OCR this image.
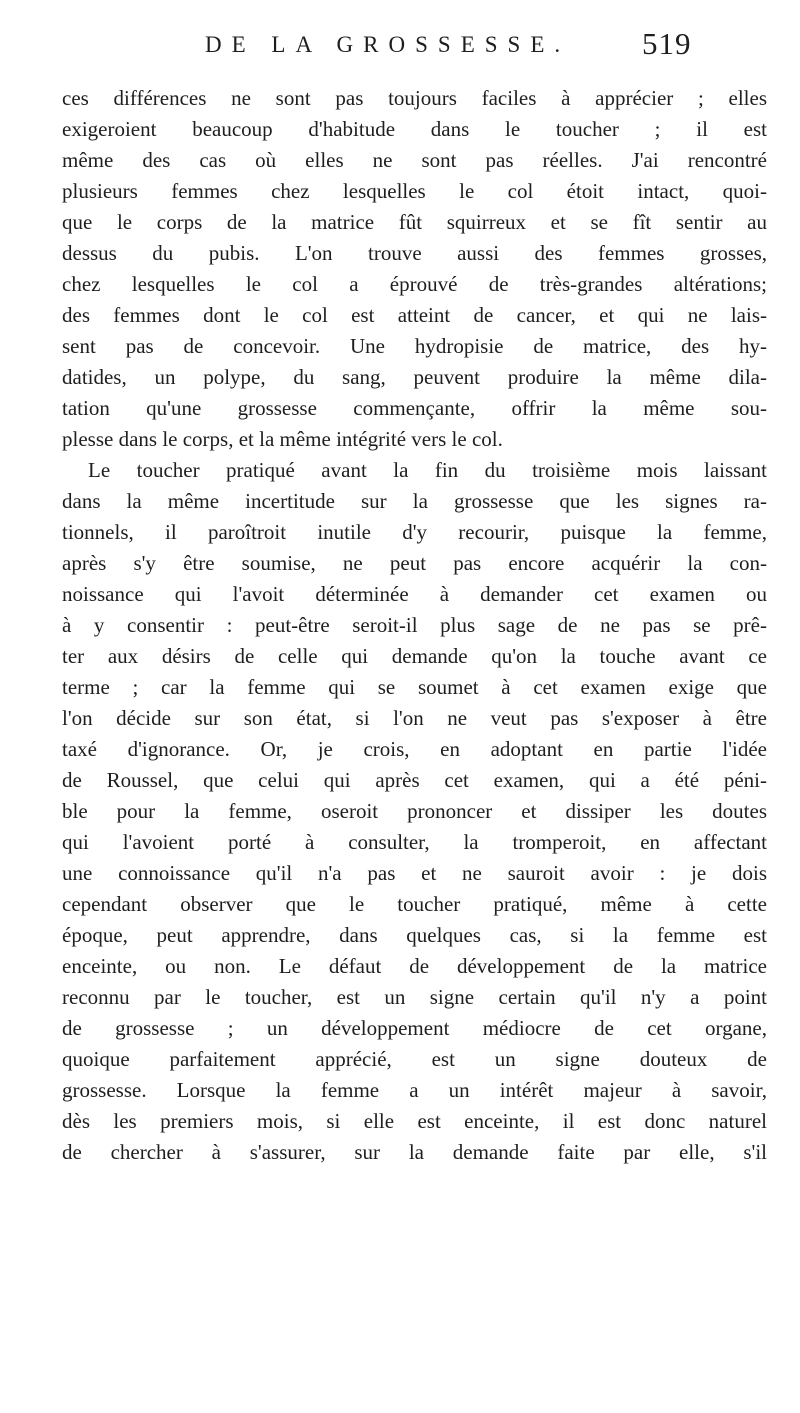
DE LA GROSSESSE. 519
ces différences ne sont pas toujours faciles à apprécier ; elles
exigeroient beaucoup d'habitude dans le toucher ; il est
même des cas où elles ne sont pas réelles. J'ai rencontré
plusieurs femmes chez lesquelles le col étoit intact, quoi-
que le corps de la matrice fût squirreux et se fît sentir au
dessus du pubis. L'on trouve aussi des femmes grosses,
chez lesquelles le col a éprouvé de très-grandes altérations;
des femmes dont le col est atteint de cancer, et qui ne lais-
sent pas de concevoir. Une hydropisie de matrice, des hy-
datides, un polype, du sang, peuvent produire la même dila-
tation qu'une grossesse commençante, offrir la même sou-
plesse dans le corps, et la même intégrité vers le col.
Le toucher pratiqué avant la fin du troisième mois laissant
dans la même incertitude sur la grossesse que les signes ra-
tionnels, il paroîtroit inutile d'y recourir, puisque la femme,
après s'y être soumise, ne peut pas encore acquérir la con-
noissance qui l'avoit déterminée à demander cet examen ou
à y consentir : peut-être seroit-il plus sage de ne pas se prê-
ter aux désirs de celle qui demande qu'on la touche avant ce
terme ; car la femme qui se soumet à cet examen exige que
l'on décide sur son état, si l'on ne veut pas s'exposer à être
taxé d'ignorance. Or, je crois, en adoptant en partie l'idée
de Roussel, que celui qui après cet examen, qui a été péni-
ble pour la femme, oseroit prononcer et dissiper les doutes
qui l'avoient porté à consulter, la tromperoit, en affectant
une connoissance qu'il n'a pas et ne sauroit avoir : je dois
cependant observer que le toucher pratiqué, même à cette
époque, peut apprendre, dans quelques cas, si la femme est
enceinte, ou non. Le défaut de développement de la matrice
reconnu par le toucher, est un signe certain qu'il n'y a point
de grossesse ; un développement médiocre de cet organe,
quoique parfaitement apprécié, est un signe douteux de
grossesse. Lorsque la femme a un intérêt majeur à savoir,
dès les premiers mois, si elle est enceinte, il est donc naturel
de chercher à s'assurer, sur la demande faite par elle, s'il
